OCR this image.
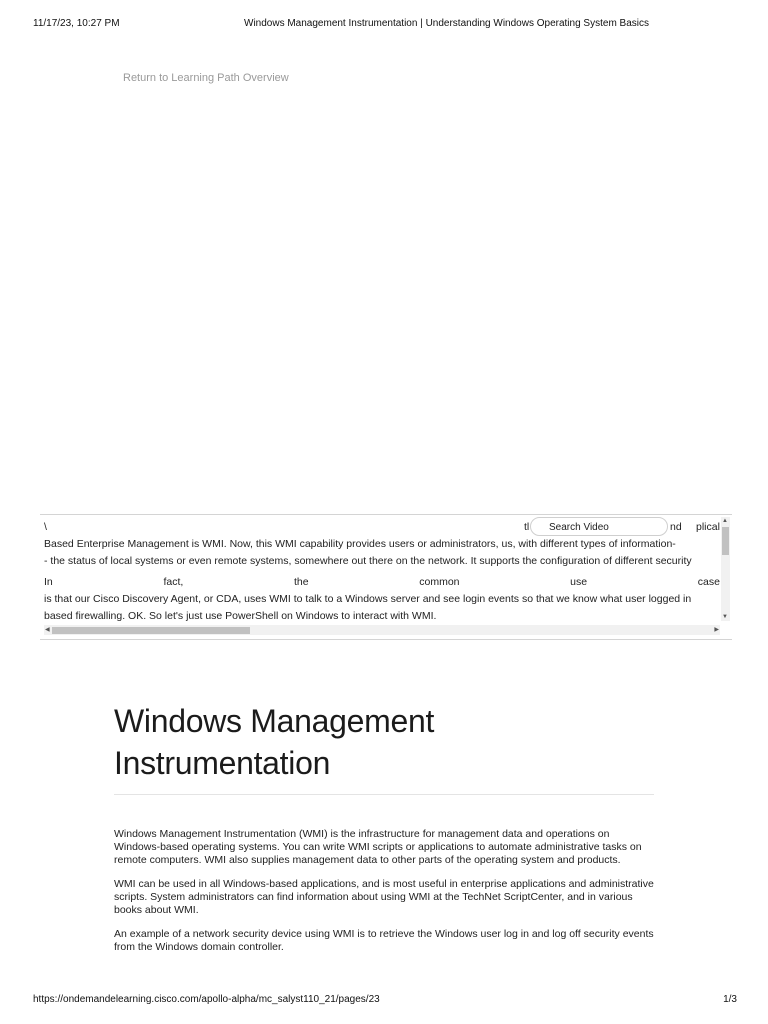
11/17/23, 10:27 PM	Windows Management Instrumentation | Understanding Windows Operating System Basics
Return to Learning Path Overview
\	tl	nd plical
Based Enterprise Management is WMI. Now, this WMI capability provides users or administrators, us, with different types of information-
- the status of local systems or even remote systems, somewhere out there on the network. It supports the configuration of different security
In	fact,	the	common	use	case
is that our Cisco Discovery Agent, or CDA, uses WMI to talk to a Windows server and see login events so that we know what user logged in
based firewalling. OK. So let's just use PowerShell on Windows to interact with WMI.
Search Video
▲
▼
◀	▶
Windows Management Instrumentation

Windows Management Instrumentation (WMI) is the infrastructure for management data and operations on Windows-based operating systems. You can write WMI scripts or applications to automate administrative tasks on remote computers. WMI also supplies management data to other parts of the operating system and products.

WMI can be used in all Windows-based applications, and is most useful in enterprise applications and administrative scripts. System administrators can find information about using WMI at the TechNet ScriptCenter, and in various books about WMI.

An example of a network security device using WMI is to retrieve the Windows user log in and log off security events from the Windows domain controller.

https://ondemandelearning.cisco.com/apollo-alpha/mc_salyst110_21/pages/23	1/3
